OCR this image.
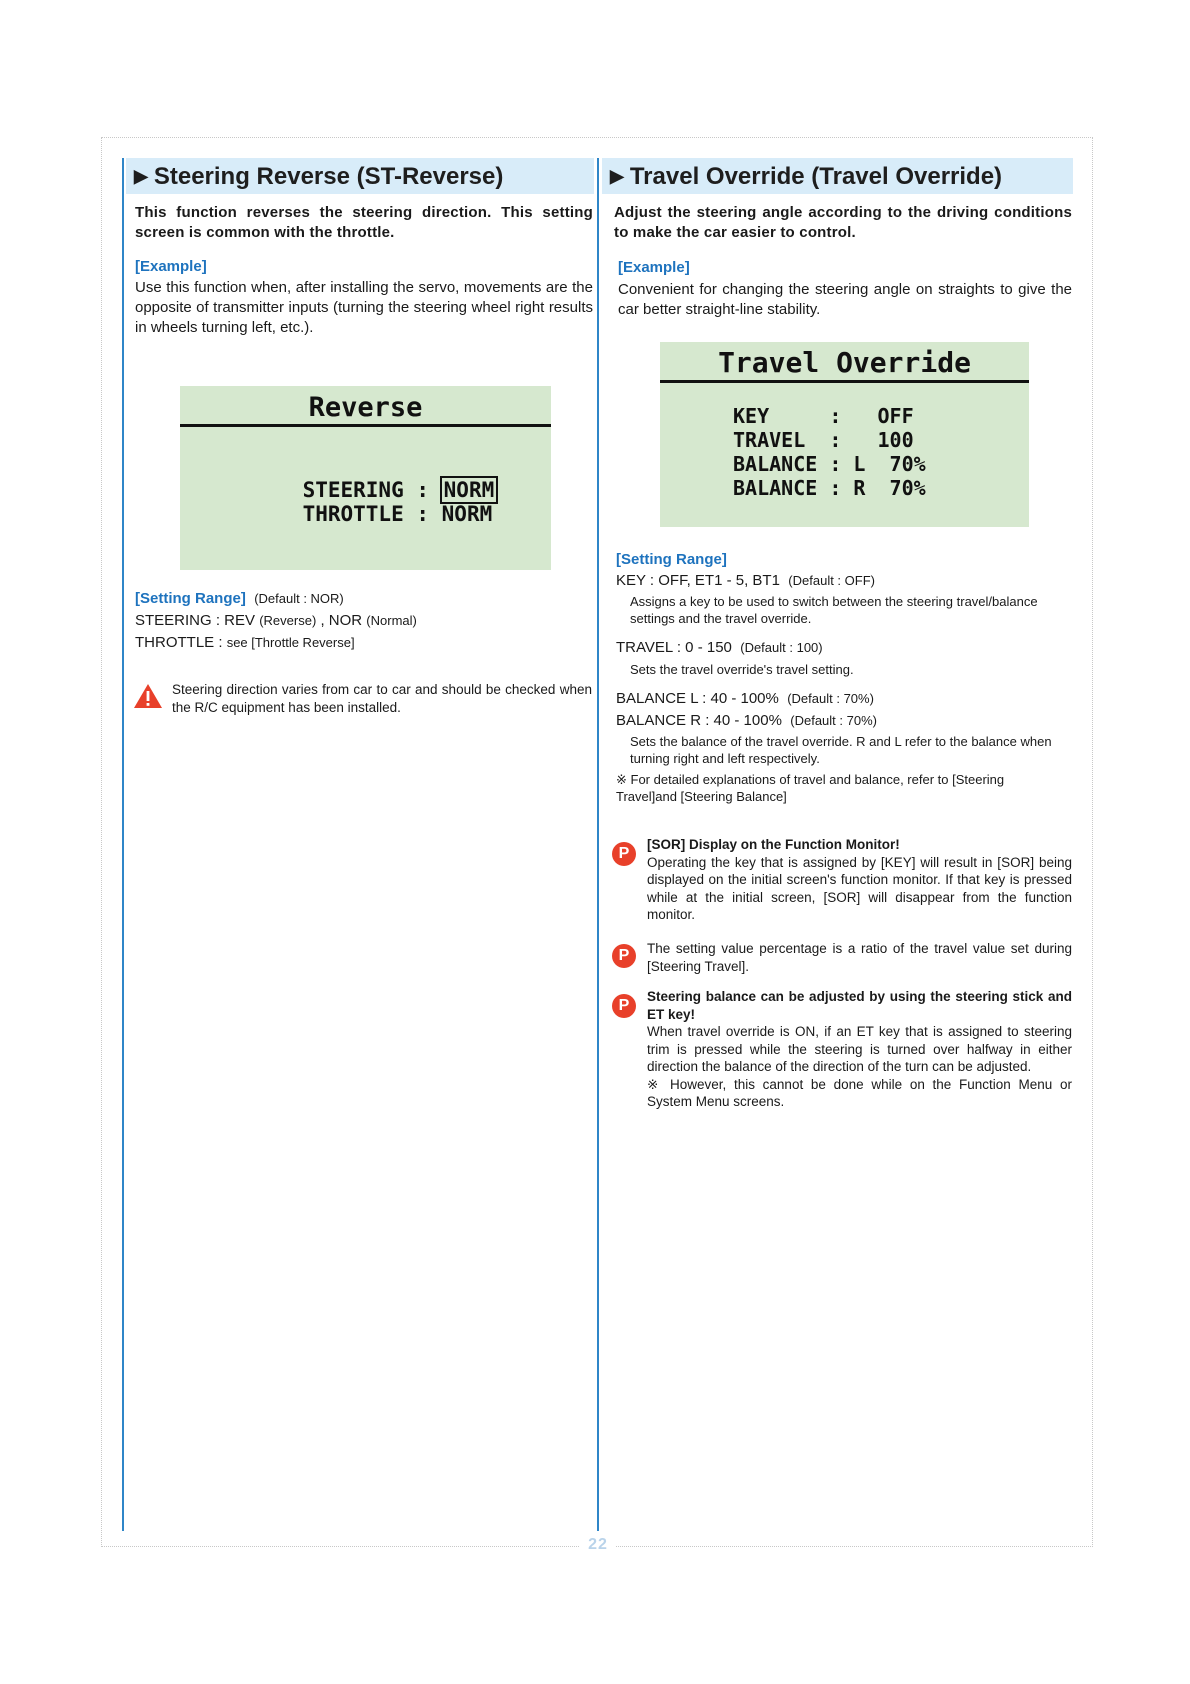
▶ Steering Reverse (ST-Reverse)
This function reverses the steering direction. This setting screen is common with the throttle.
[Example]
Use this function when, after installing the servo, movements are the opposite of transmitter inputs (turning the steering wheel right results in wheels turning left, etc.).
Reverse

STEERING : NORM

THROTTLE : NORM

[Setting Range] (Default : NOR)
STEERING : REV (Reverse) , NOR (Normal)
THROTTLE : see [Throttle Reverse]
Steering direction varies from car to car and should be checked when the R/C equipment has been installed.
▶ Travel Override (Travel Override)
Adjust the steering angle according to the driving conditions to make the car easier to control.
[Example]
Convenient for changing the steering angle on straights to give the car better straight-line stability.
Travel Override
KEY     :   OFF
TRAVEL  :   100
BALANCE : L  70%
BALANCE : R  70%
[Setting Range]
KEY : OFF, ET1 - 5, BT1 (Default : OFF)
Assigns a key to be used to switch between the steering travel/balance settings and the travel override.
TRAVEL : 0 - 150 (Default : 100)
Sets the travel override's travel setting.
BALANCE L : 40 - 100% (Default : 70%)
BALANCE R : 40 - 100% (Default : 70%)
Sets the balance of the travel override. R and L refer to the balance when turning right and left respectively.
※ For detailed explanations of travel and balance, refer to [Steering Travel]and [Steering Balance]
P
[SOR] Display on the Function Monitor!
Operating the key that is assigned by [KEY] will result in [SOR] being displayed on the initial screen's function monitor. If that key is pressed while at the initial screen, [SOR] will disappear from the function monitor.
P	The setting value percentage is a ratio of the travel value set during [Steering Travel].
P
Steering balance can be adjusted by using the steering stick and ET key!
When travel override is ON, if an ET key that is assigned to steering trim is pressed while the steering is turned over halfway in either direction the balance of the direction of the turn can be adjusted.
※ However, this cannot be done while on the Function Menu or System Menu screens.
22
